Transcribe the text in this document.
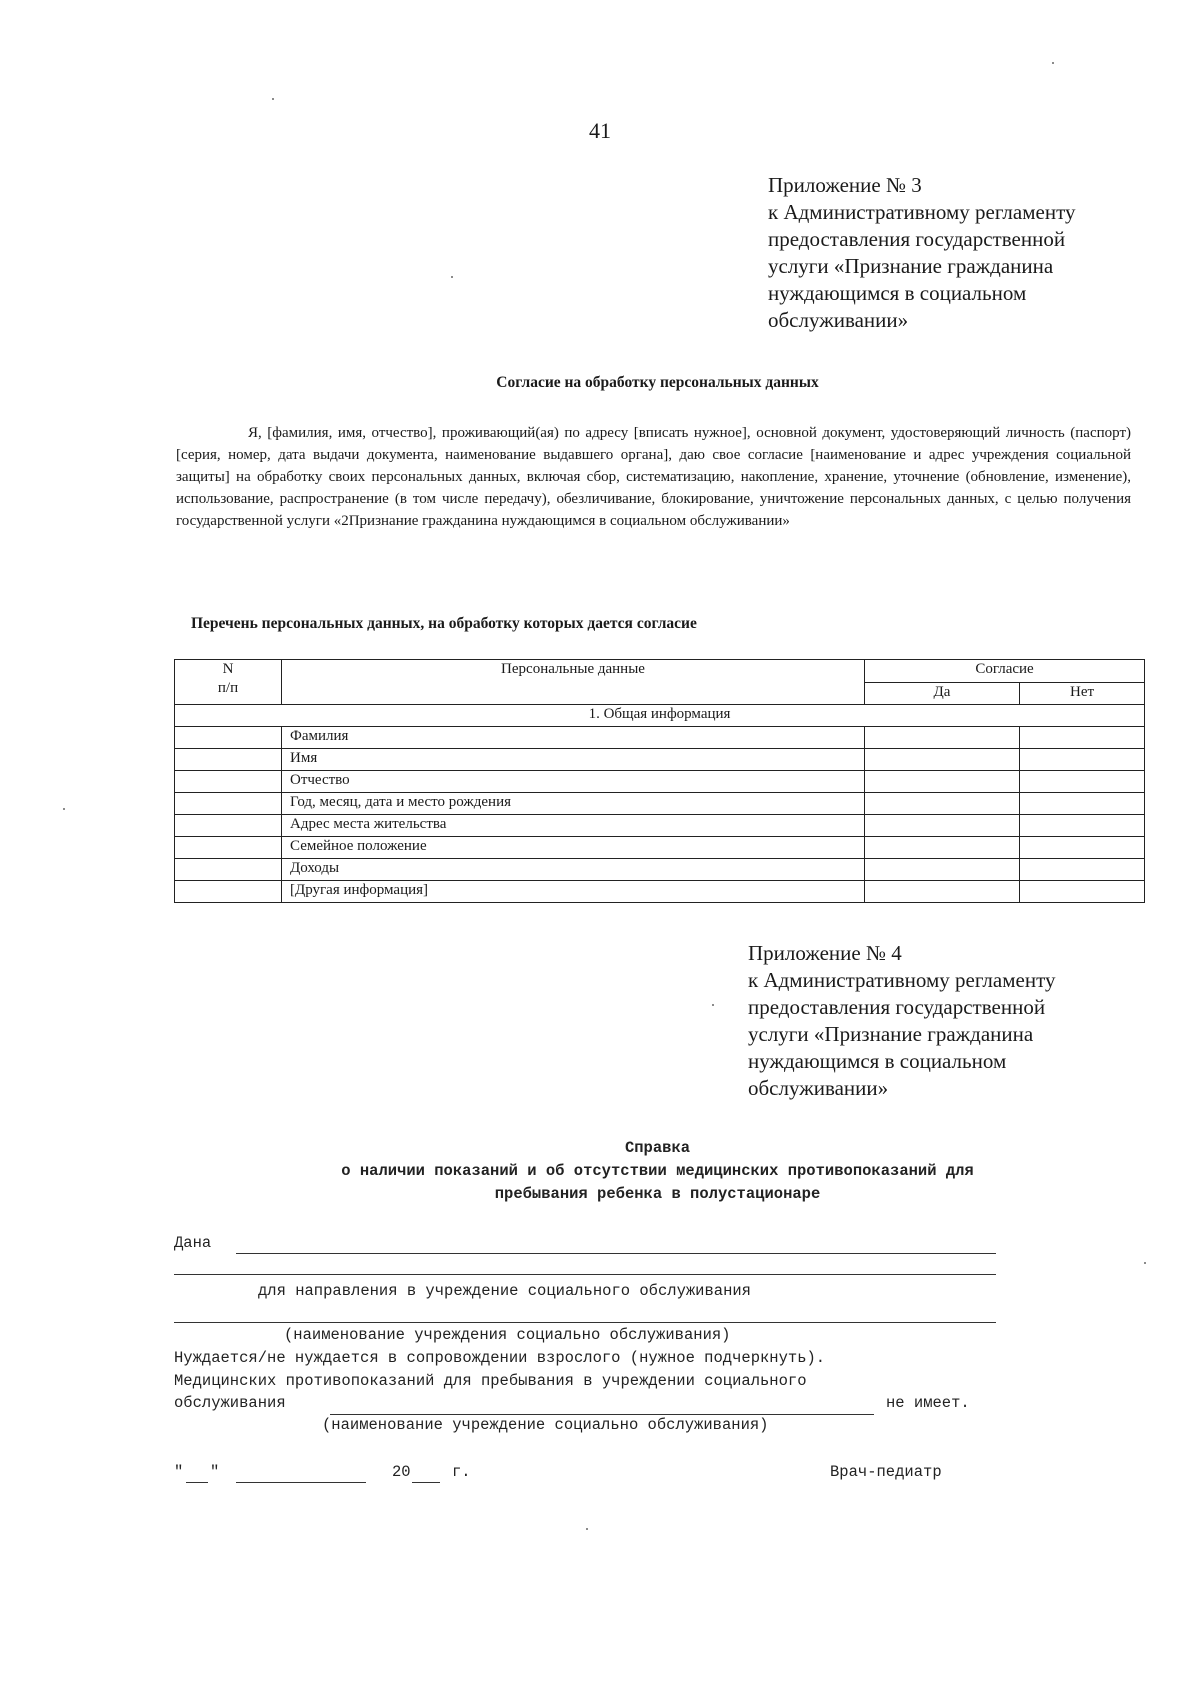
41
Приложение № 3
к Административному регламенту
предоставления государственной
услуги «Признание гражданина
нуждающимся в социальном
обслуживании»
Согласие на обработку персональных данных
Я, [фамилия, имя, отчество], проживающий(ая) по адресу [вписать нужное], основной документ, удостоверяющий личность (паспорт) [серия, номер, дата выдачи документа, наименование выдавшего органа], даю свое согласие [наименование и адрес учреждения социальной защиты] на обработку своих персональных данных, включая сбор, систематизацию, накопление, хранение, уточнение (обновление, изменение), использование, распространение (в том числе передачу), обезличивание, блокирование, уничтожение персональных данных, с целью получения государственной услуги «2Признание гражданина нуждающимся в социальном обслуживании»
Перечень персональных данных, на обработку которых дается согласие
N
п/п	Персональные данные	Согласие	
		Да	Нет
1. Общая информация			
	Фамилия		
	Имя		
	Отчество		
	Год, месяц, дата и место рождения		
	Адрес места жительства		
	Семейное положение		
	Доходы		
	[Другая информация]		
Приложение № 4
к Административному регламенту
предоставления государственной
услуги «Признание гражданина
нуждающимся в социальном
обслуживании»
Справка
о наличии показаний и об отсутствии медицинских противопоказаний для
пребывания ребенка в полустационаре
Дана
для направления в учреждение социального обслуживания
(наименование учреждения социально обслуживания)
Нуждается/не нуждается в сопровождении взрослого (нужное подчеркнуть).
Медицинских противопоказаний для пребывания в учреждении социального
обслуживания	не имеет.
(наименование учреждение социально обслуживания)
" "	20	г.	Врач-педиатр
